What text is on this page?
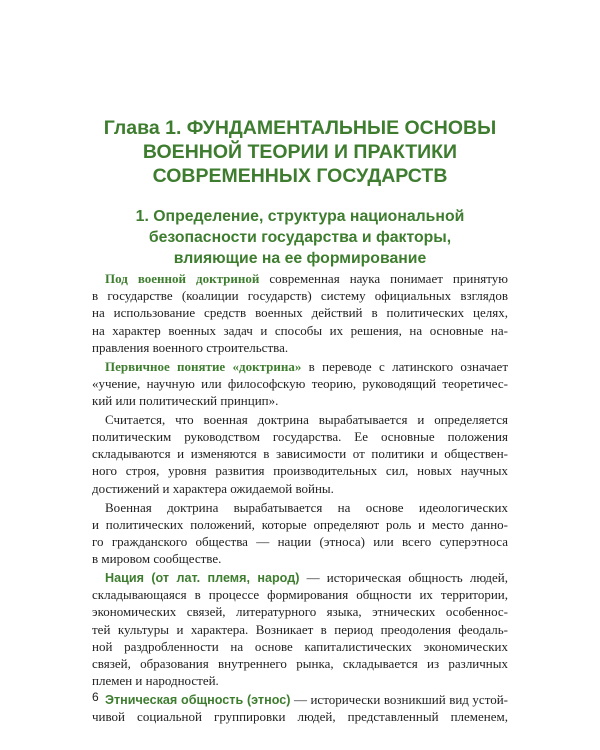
Глава 1. ФУНДАМЕНТАЛЬНЫЕ ОСНОВЫ
ВОЕННОЙ ТЕОРИИ И ПРАКТИКИ
СОВРЕМЕННЫХ ГОСУДАРСТВ
1. Определение, структура национальной
безопасности государства и факторы,
влияющие на ее формирование
 Под военной доктриной современная наука понимает принятую
в государстве (коалиции государств) систему официальных взглядов
на использование средств военных действий в политических целях,
на характер военных задач и способы их решения, на основные на-
правления военного строительства.
 Первичное понятие «доктрина» в переводе с латинского означает
«учение, научную или философскую теорию, руководящий теоретичес-
кий или политический принцип».
 Считается, что военная доктрина вырабатывается и определяется
политическим руководством государства. Ее основные положения
складываются и изменяются в зависимости от политики и обществен-
ного строя, уровня развития производительных сил, новых научных
достижений и характера ожидаемой войны.
 Военная доктрина вырабатывается на основе идеологических
и политических положений, которые определяют роль и место данно-
го гражданского общества — нации (этноса) или всего суперэтноса
в мировом сообществе.
 Нация (от лат. племя, народ) — историческая общность людей,
складывающаяся в процессе формирования общности их территории,
экономических связей, литературного языка, этнических особеннос-
тей культуры и характера. Возникает в период преодоления феодаль-
ной раздробленности на основе капиталистических экономических
связей, образования внутреннего рынка, складывается из различных
племен и народностей.
 Этническая общность (этнос) — исторически возникший вид устой-
чивой социальной группировки людей, представленный племенем,
6
